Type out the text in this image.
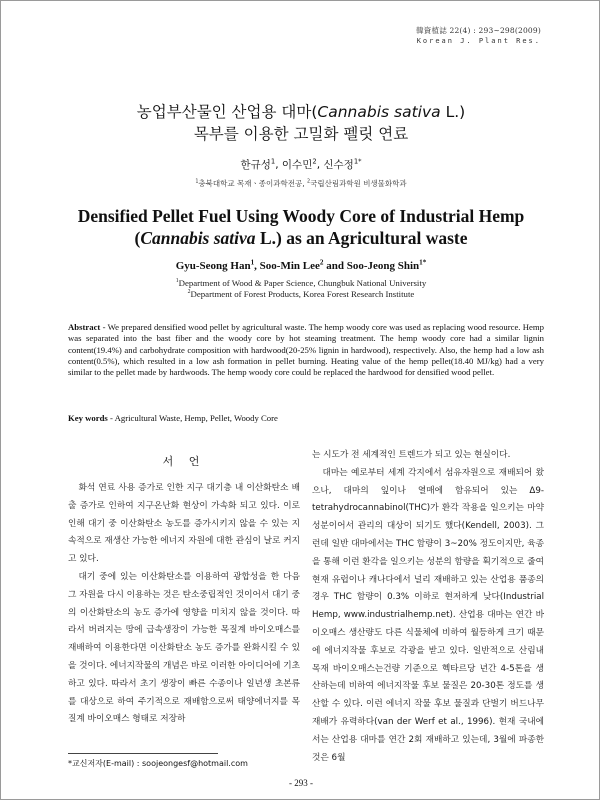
韓資植誌 22(4) : 293~298(2009)
Korean J. Plant Res.
농업부산물인 산업용 대마(Cannabis sativa L.)
목부를 이용한 고밀화 펠릿 연료
한규성$^1$, 이수민$^2$, 신수정$^{1*}$
$^1$충북대학교 목재ㆍ종이과학전공, $^2$국립산림과학원 비생물화학과
Densified Pellet Fuel Using Woody Core of Industrial Hemp
(Cannabis sativa L.) as an Agricultural waste
Gyu-Seong Han$^1$, Soo-Min Lee$^2$ and Soo-Jeong Shin$^{1*}$
$^1$Department of Wood & Paper Science, Chungbuk National University
$^2$Department of Forest Products, Korea Forest Research Institute
Abstract - We prepared densified wood pellet by agricultural waste. The hemp woody core was used as replacing wood resource. Hemp was separated into the bast fiber and the woody core by hot steaming treatment. The hemp woody core had a similar lignin content(19.4%) and carbohydrate composition with hardwood(20-25% lignin in hardwood), respectively. Also, the hemp had a low ash content(0.5%), which resulted in a low ash formation in pellet burning. Heating value of the hemp pellet(18.40 MJ/kg) had a very similar to the pellet made by hardwoods. The hemp woody core could be replaced the hardwood for densified wood pellet.
Key words - Agricultural Waste, Hemp, Pellet, Woody Core
서 언

화석 연료 사용 증가로 인한 지구 대기층 내 이산화탄소 배출 증가로 인하여 지구온난화 현상이 가속화 되고 있다. 이로 인해 대기 중 이산화탄소 농도를 증가시키지 않을 수 있는 지속적으로 재생산 가능한 에너지 자원에 대한 관심이 날로 커지고 있다.

대기 중에 있는 이산화탄소를 이용하여 광합성을 한 다음 그 자원을 다시 이용하는 것은 탄소중립적인 것이어서 대기 중의 이산화탄소의 농도 증가에 영향을 미치지 않을 것이다. 따라서 버려지는 땅에 급속생장이 가능한 목질계 바이오매스를 재배하여 이용한다면 이산화탄소 농도 증가를 완화시킬 수 있을 것이다. 에너지작물의 개념은 바로 이러한 아이디어에 기초하고 있다. 따라서 초기 생장이 빠른 수종이나 일년생 초본류를 대상으로 하여 주기적으로 재배함으로써 태양에너지를 목질계 바이오매스 형태로 저장하

는 시도가 전 세계적인 트렌드가 되고 있는 현실이다.

대마는 예로부터 세계 각지에서 섬유자원으로 재배되어 왔으나, 대마의 잎이나 열매에 함유되어 있는 Δ9-tetrahydrocannabinol(THC)가 환각 작용을 일으키는 마약 성분이어서 관리의 대상이 되기도 했다(Kendell, 2003). 그런데 일반 대마에서는 THC 함량이 3~20% 정도이지만, 육종을 통해 이런 환각을 일으키는 성분의 함량을 획기적으로 줄여 현재 유럽이나 캐나다에서 널리 재배하고 있는 산업용 품종의 경우 THC 함량이 0.3% 이하로 현저하게 낮다(Industrial Hemp, www.industrialhemp.net). 산업용 대마는 연간 바이오매스 생산량도 다른 식물체에 비하여 월등하게 크기 때문에 에너지작물 후보로 각광을 받고 있다. 일반적으로 산림내 목재 바이오매스는건량 기준으로 헥타르당 년간 4-5톤을 생산하는데 비하여 에너지작물 후보 물질은 20-30톤 정도를 생산할 수 있다. 이런 에너지 작물 후보 물질과 단벌기 버드나무 재배가 유력하다(van der Werf et al., 1996). 현재 국내에서는 산업용 대마를 연간 2회 재배하고 있는데, 3월에 파종한 것은 6월

*교신저자(E-mail) : soojeongesf@hotmail.com
- 293 -
